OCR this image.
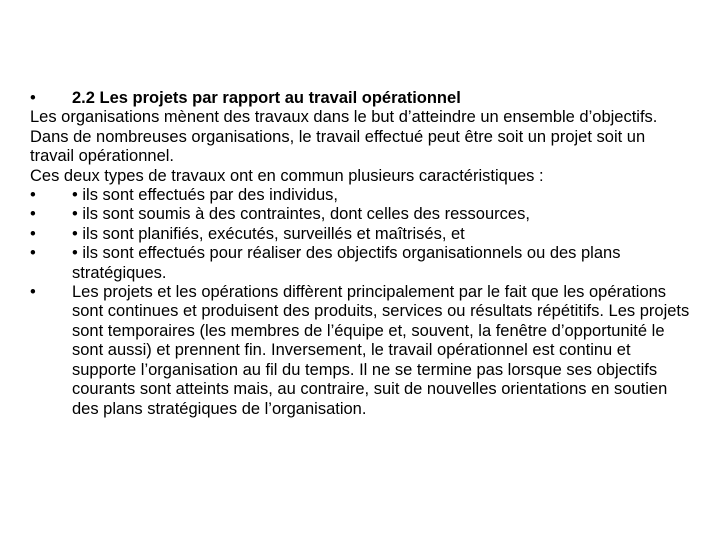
•	2.2 Les projets par rapport au travail opérationnel

Les organisations mènent des travaux dans le but d’atteindre un ensemble d’objectifs. Dans de nombreuses organisations, le travail effectué peut être soit un projet soit un travail opérationnel.

Ces deux types de travaux ont en commun plusieurs caractéristiques :

•	• ils sont effectués par des individus,
•	• ils sont soumis à des contraintes, dont celles des ressources,
•	• ils sont planifiés, exécutés, surveillés et maîtrisés, et
•	• ils sont effectués pour réaliser des objectifs organisationnels ou des plans stratégiques.
•	Les projets et les opérations diffèrent principalement par le fait que les opérations sont continues et produisent des produits, services ou résultats répétitifs. Les projets sont temporaires (les membres de l’équipe et, souvent, la fenêtre d’opportunité le sont aussi) et prennent fin. Inversement, le travail opérationnel est continu et supporte l’organisation au fil du temps. Il ne se termine pas lorsque ses objectifs courants sont atteints mais, au contraire, suit de nouvelles orientations en soutien des plans stratégiques de l’organisation.
